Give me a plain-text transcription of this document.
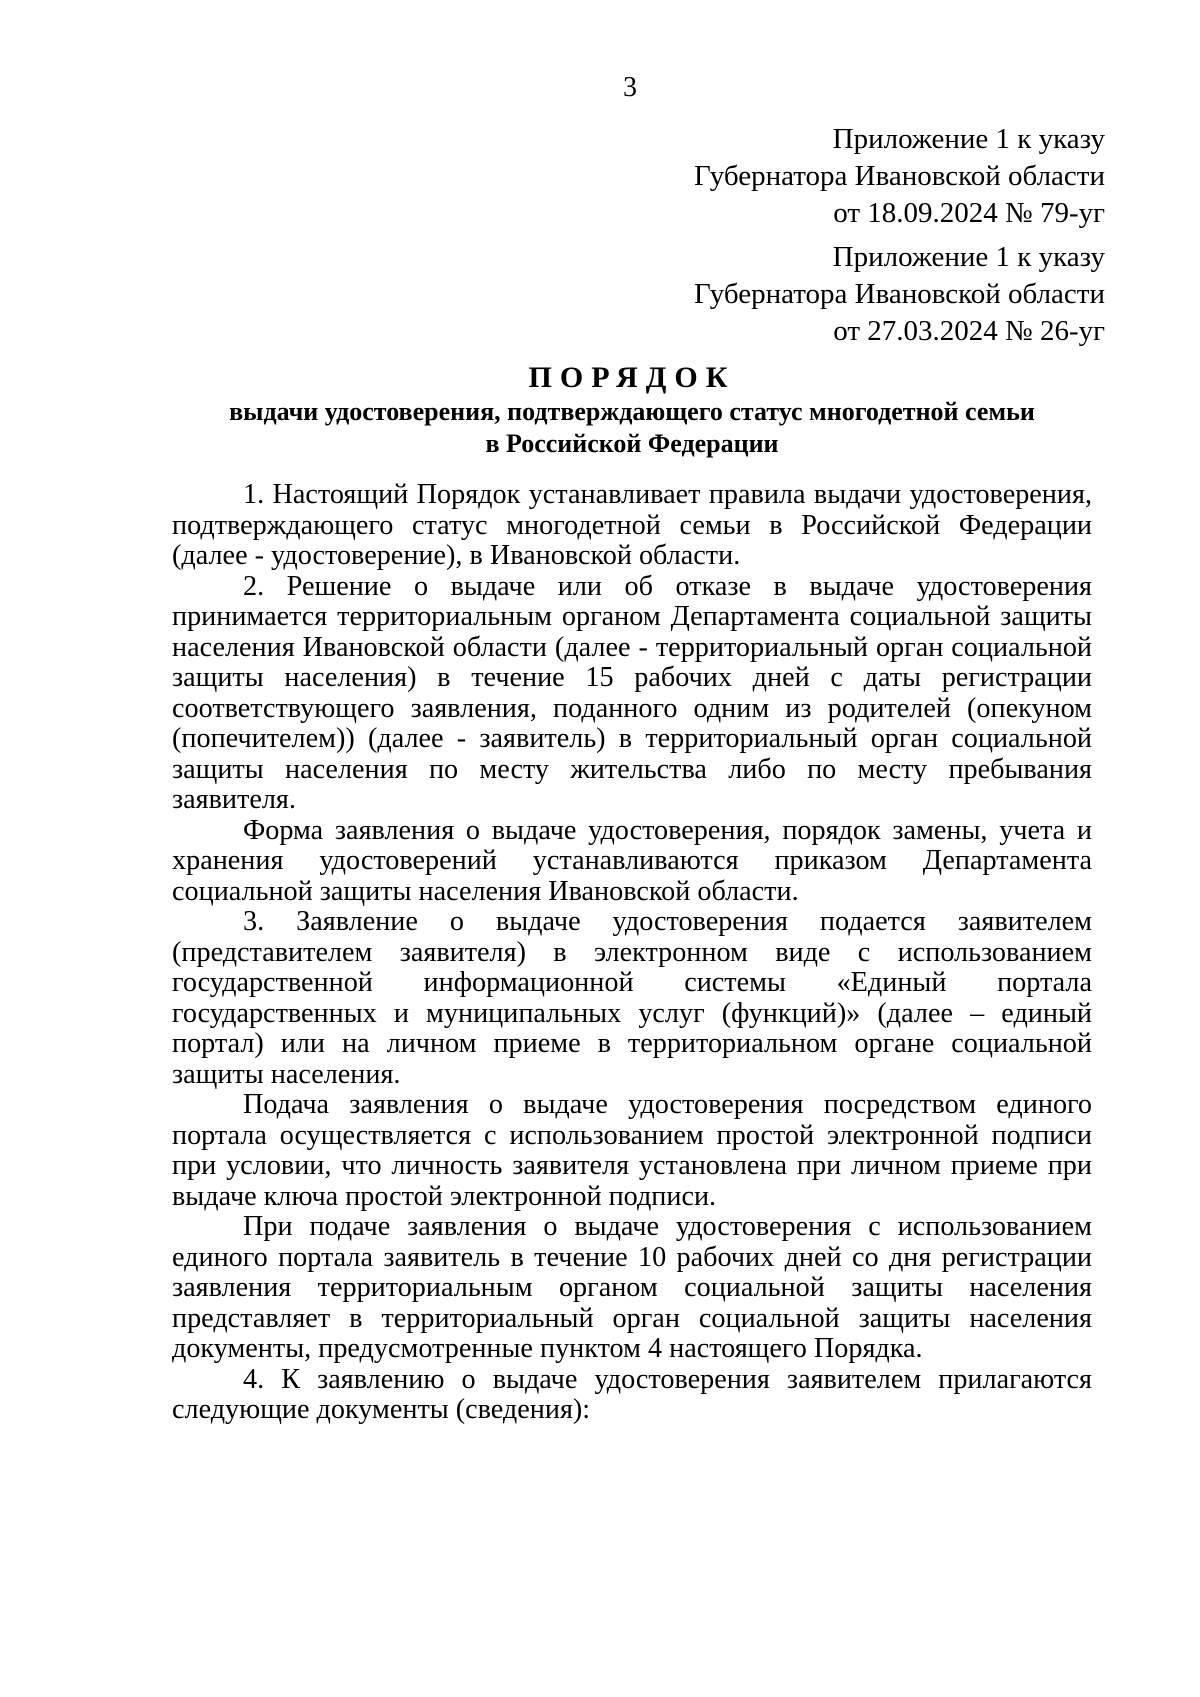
3
Приложение 1 к указу
Губернатора Ивановской области
от 18.09.2024 № 79-уг
Приложение 1 к указу
Губернатора Ивановской области
от 27.03.2024 № 26-уг
ПОРЯДОК
выдачи удостоверения, подтверждающего статус многодетной семьи
в Российской Федерации

1. Настоящий Порядок устанавливает правила выдачи удостоверения, подтверждающего статус многодетной семьи в Российской Федерации (далее - удостоверение), в Ивановской области.

2. Решение о выдаче или об отказе в выдаче удостоверения принимается территориальным органом Департамента социальной защиты населения Ивановской области (далее - территориальный орган социальной защиты населения) в течение 15 рабочих дней с даты регистрации соответствующего заявления, поданного одним из родителей (опекуном (попечителем)) (далее - заявитель) в территориальный орган социальной защиты населения по месту жительства либо по месту пребывания заявителя.

Форма заявления о выдаче удостоверения, порядок замены, учета и хранения удостоверений устанавливаются приказом Департамента социальной защиты населения Ивановской области.

3. Заявление о выдаче удостоверения подается заявителем (представителем заявителя) в электронном виде с использованием государственной информационной системы «Единый портала государственных и муниципальных услуг (функций)» (далее – единый портал) или на личном приеме в территориальном органе социальной защиты населения.

Подача заявления о выдаче удостоверения посредством единого портала осуществляется с использованием простой электронной подписи при условии, что личность заявителя установлена при личном приеме при выдаче ключа простой электронной подписи.

При подаче заявления о выдаче удостоверения с использованием единого портала заявитель в течение 10 рабочих дней со дня регистрации заявления территориальным органом социальной защиты населения представляет в территориальный орган социальной защиты населения документы, предусмотренные пунктом 4 настоящего Порядка.

4. К заявлению о выдаче удостоверения заявителем прилагаются следующие документы (сведения):
